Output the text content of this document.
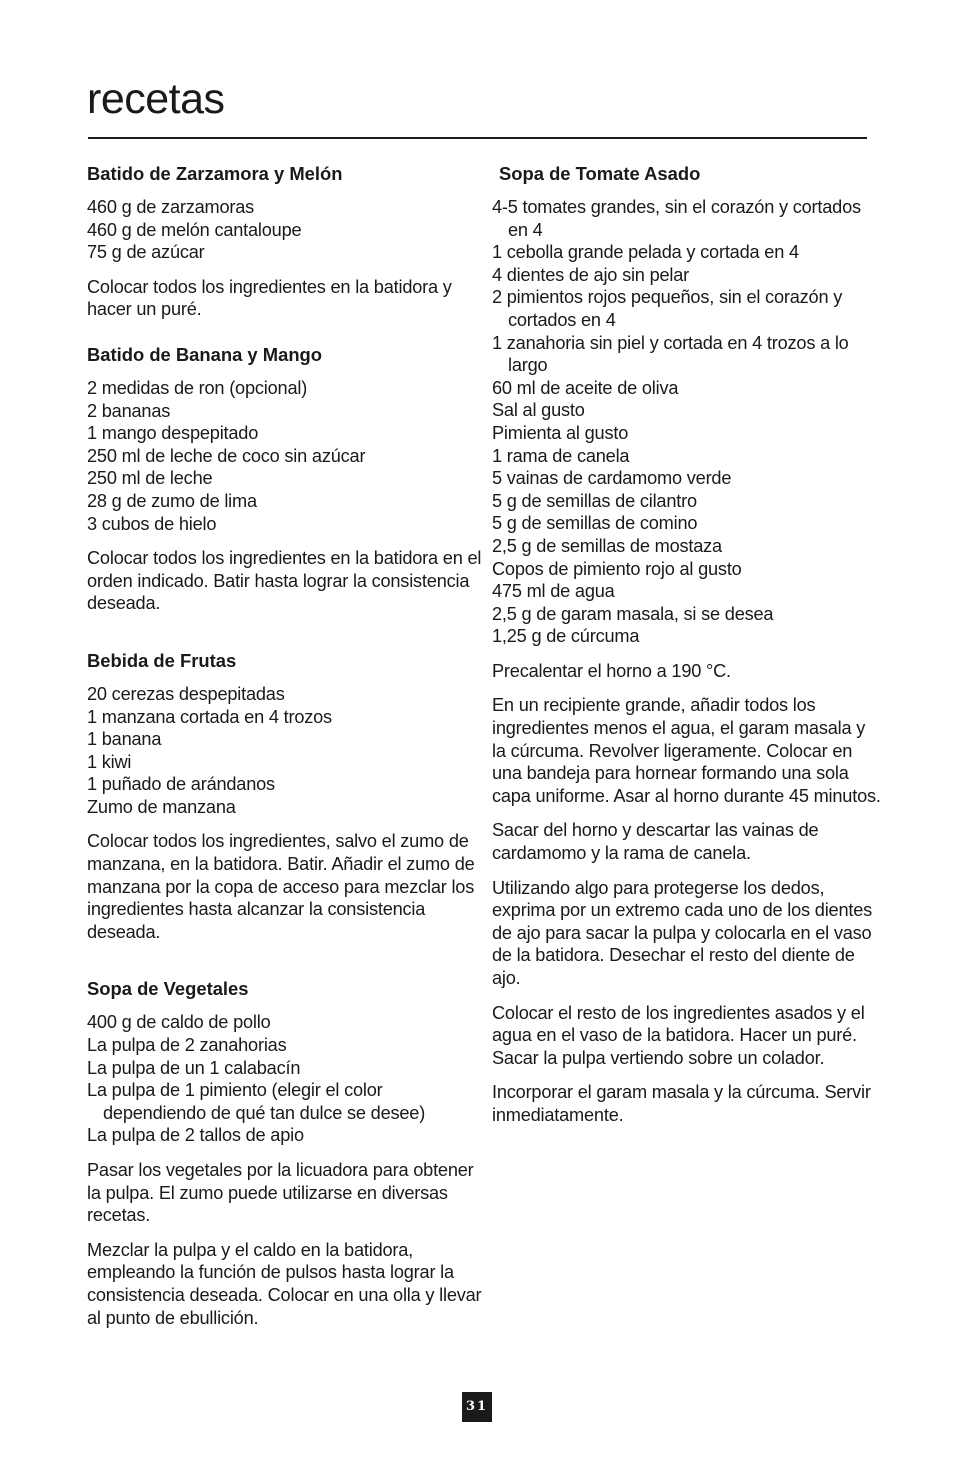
recetas
Batido de Zarzamora y Melón
460 g de zarzamoras
460 g de melón cantaloupe
75 g de azúcar

Colocar todos los ingredientes en la batidora y hacer un puré.

Batido de Banana y Mango
2 medidas de ron (opcional)
2 bananas
1 mango despepitado
250 ml de leche de coco sin azúcar
250 ml de leche
28 g de zumo de lima
3 cubos de hielo

Colocar todos los ingredientes en la batidora en el orden indicado. Batir hasta lograr la consistencia deseada.

Bebida de Frutas
20 cerezas despepitadas
1 manzana cortada en 4 trozos
1 banana
1 kiwi
1 puñado de arándanos
Zumo de manzana

Colocar todos los ingredientes, salvo el zumo de manzana, en la batidora. Batir. Añadir el zumo de manzana por la copa de acceso para mezclar los ingredientes hasta alcanzar la consistencia deseada.

Sopa de Vegetales
400 g de caldo de pollo
La pulpa de 2 zanahorias
La pulpa de un 1 calabacín
La pulpa de 1 pimiento (elegir el color dependiendo de qué tan dulce se desee)
La pulpa de 2 tallos de apio

Pasar los vegetales por la licuadora para obtener la pulpa. El zumo puede utilizarse en diversas recetas.

Mezclar la pulpa y el caldo en la batidora, empleando la función de pulsos hasta lograr la consistencia deseada. Colocar en una olla y llevar al punto de ebullición.

Sopa de Tomate Asado
4-5 tomates grandes, sin el corazón y cortados en 4
1 cebolla grande pelada y cortada en 4
4 dientes de ajo sin pelar
2 pimientos rojos pequeños, sin el corazón y cortados en 4
1 zanahoria sin piel y cortada en 4 trozos a lo largo
60 ml de aceite de oliva
Sal al gusto
Pimienta al gusto
1 rama de canela
5 vainas de cardamomo verde
5 g de semillas de cilantro
5 g de semillas de comino
2,5 g de semillas de mostaza
Copos de pimiento rojo al gusto
475 ml de agua
2,5 g de garam masala, si se desea
1,25 g de cúrcuma

Precalentar el horno a 190 °C.

En un recipiente grande, añadir todos los ingredientes menos el agua, el garam masala y la cúrcuma. Revolver ligeramente. Colocar en una bandeja para hornear formando una sola capa uniforme. Asar al horno durante 45 minutos.

Sacar del horno y descartar las vainas de cardamomo y la rama de canela.

Utilizando algo para protegerse los dedos, exprima por un extremo cada uno de los dientes de ajo para sacar la pulpa y colocarla en el vaso de la batidora. Desechar el resto del diente de ajo.

Colocar el resto de los ingredientes asados y el agua en el vaso de la batidora. Hacer un puré. Sacar la pulpa vertiendo sobre un colador.

Incorporar el garam masala y la cúrcuma. Servir inmediatamente.

31
